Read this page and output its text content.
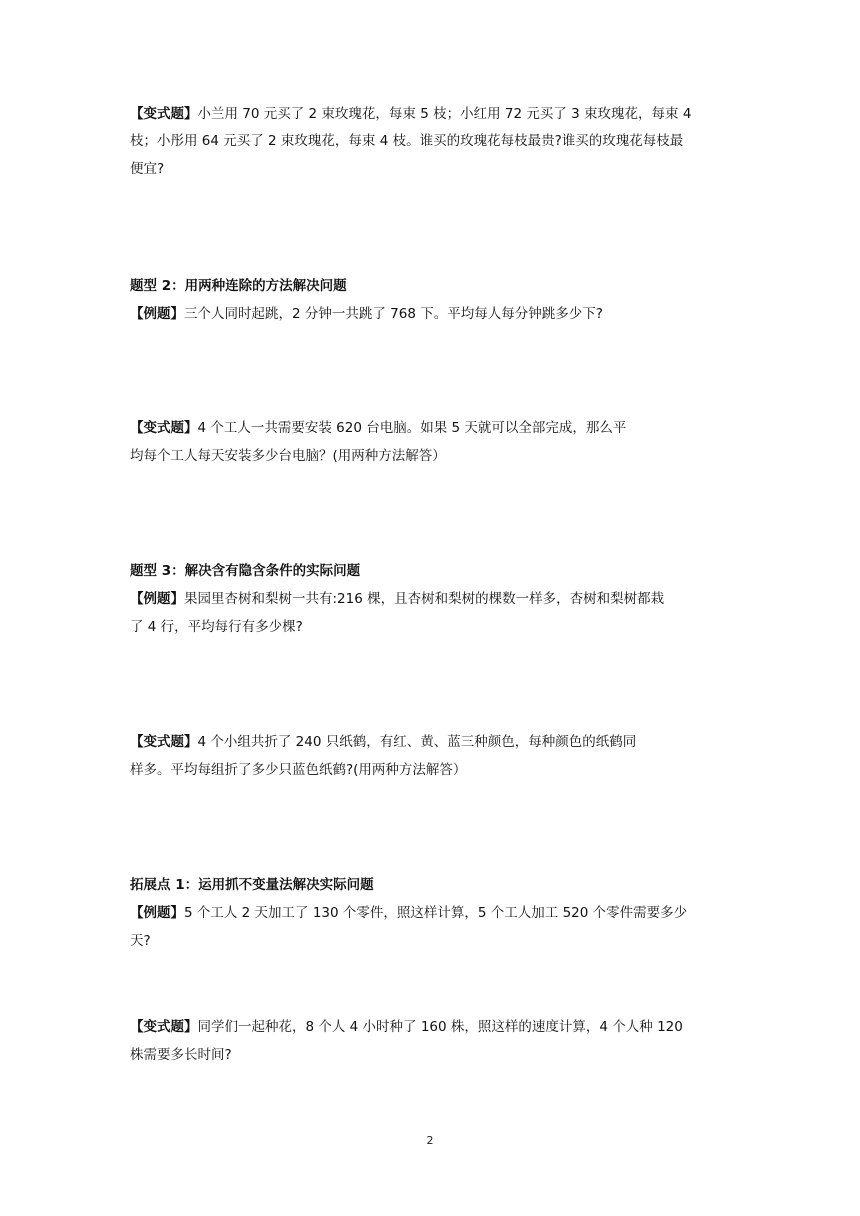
【变式题】小兰用 70 元买了 2 束玫瑰花，每束 5 枝；小红用 72 元买了 3 束玫瑰花，每束 4
枝；小彤用 64 元买了 2 束玫瑰花，每束 4 枝。谁买的玫瑰花每枝最贵?谁买的玫瑰花每枝最
便宜?
题型 2：用两种连除的方法解决问题
【例题】三个人同时起跳，2 分钟一共跳了 768 下。平均每人每分钟跳多少下?
【变式题】4 个工人一共需要安装 620 台电脑。如果 5 天就可以全部完成，那么平
均每个工人每天安装多少台电脑？(用两种方法解答）
题型 3：解决含有隐含条件的实际问题
【例题】果园里杏树和梨树一共有:216 棵，且杏树和梨树的棵数一样多，杏树和梨树都栽
了 4 行，平均每行有多少棵?
【变式题】4 个小组共折了 240 只纸鹤，有红、黄、蓝三种颜色，每种颜色的纸鹤同
样多。平均每组折了多少只蓝色纸鹤?(用两种方法解答）
拓展点 1：运用抓不变量法解决实际问题
【例题】5 个工人 2 天加工了 130 个零件，照这样计算，5 个工人加工 520 个零件需要多少
天?
【变式题】同学们一起种花，8 个人 4 小时种了 160 株，照这样的速度计算，4 个人种 120
株需要多长时间?
2
